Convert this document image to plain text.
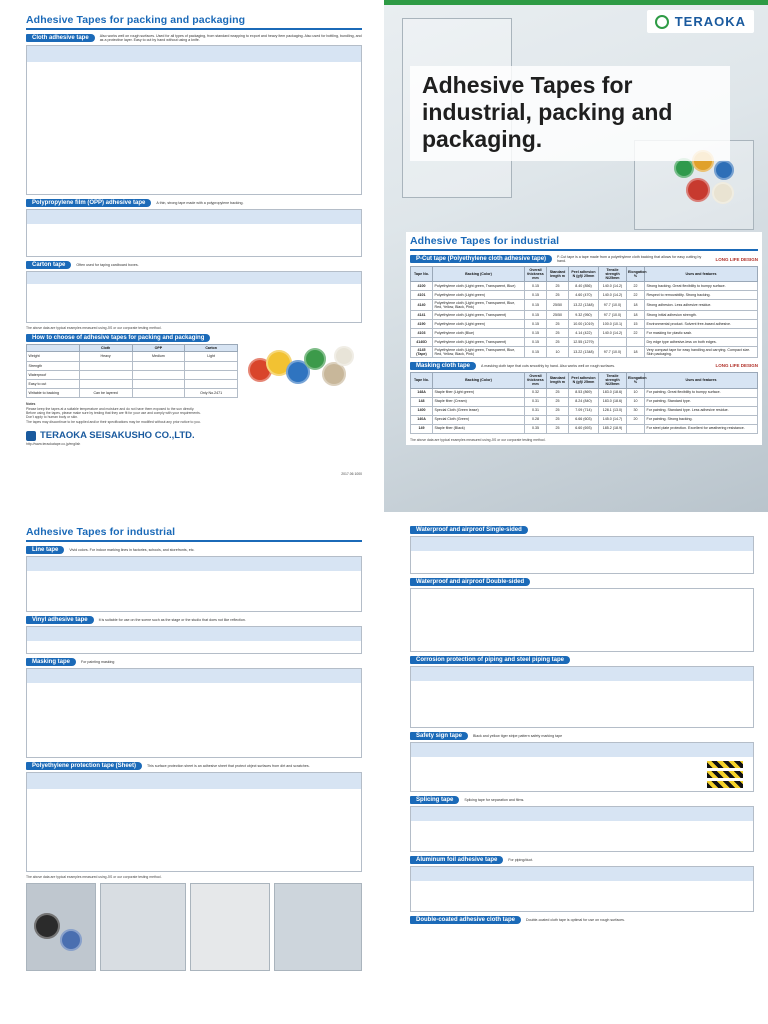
Adhesive Tapes for packing and packaging
Cloth adhesive tape	Also works well on rough surfaces. Used for all types of packaging, from standard wrapping to export and heavy item packaging. Also used for bottling, bundling, and as a protective layer. Easy to cut by hand without using a knife.
Polypropylene film (OPP) adhesive tape	A thin, strong tape made with a polypropylene backing.
Carton tape	Often used for taping cardboard boxes.
The above data are typical examples measured using JIS or our corporate testing method.
How to choose of adhesive tapes for packing and packaging
	Cloth	OPP	Carton
Weight	Heavy	Medium	Light
Strength			
Waterproof			
Easy to cut			
Writable to backing	Can be layered		Only No.2471
Notes
Please keep the tapes at a suitable temperature and moisture and do not have them exposed to the sun directly.
Before using the tapes, please make sure by testing that they are fit for your use and comply with your requirements.
Don't apply to human body or skin.
The tapes may discontinue to be supplied and/or their specifications may be modified without any prior notice to you.
TERAOKA SEISAKUSHO CO.,LTD.
http://www.teraokatape.co.jp/english
2017.06 1000
TERAOKA
Adhesive Tapes for industrial, packing and packaging.
Adhesive Tapes for industrial
P-Cut tape (Polyethylene cloth adhesive tape)	P-Cut tape is a tape made from a polyethylene cloth backing that allows for easy cutting by hand.	LONG LIFE DESIGN
Tape No.	Backing (Color)	Overall thickness mm	Standard length m	Peel adhesion N (gf)/ 25mm	Tensile strength N/25mm	Elongation %	Uses and features
4100	Polyethylene cloth (Light green, Transparent, Blue)	0.15	25	8.40 (856)	140.0 (14.2)	22	Strong backing. Great flexibility to bumpy surface.
4101	Polyethylene cloth (Light green)	0.15	25	4.60 (470)	140.0 (14.2)	22	Respect to removability. Strong backing.
4140	Polyethylene cloth (Light green, Transparent, Blue, Red, Yellow, Black, Pink)	0.15	25/50	13.22 (1348)	97.7 (10.0)	18	Strong adhesion. Less adhesive residue.
4141	Polyethylene cloth (Light green, Transparent)	0.15	25/50	9.32 (950)	97.7 (10.0)	18	Strong initial adhesion strength.
4190	Polyethylene cloth (Light green)	0.15	25	10.00 (1019)	100.0 (10.1)	15	Environmental product. Solvent free-based adhesive.
4103	Polyethylene cloth (Blue)	0.15	25	4.14 (422)	140.0 (14.2)	22	For masking for plastic sash.
4140D	Polyethylene cloth (Light green, Transparent)	0.15	25	12.55 (1279)			Dry edge type adhesive-less on both edges.
4145 (Tape)	Polyethylene cloth (Light green, Transparent, Blue, Red, Yellow, Black, Pink)	0.15	10	13.22 (1348)	97.7 (10.0)	18	Very compact tape for easy handling and carrying. Compact size. Skin packaging.
Masking cloth tape	A masking cloth tape that cuts smoothly by hand. Also works well on rough surfaces.	LONG LIFE DESIGN
Tape No.	Backing (Color)	Overall thickness mm	Standard length m	Peel adhesion N (gf)/ 25mm	Tensile strength N/25mm	Elongation %	Uses and features
148A	Staple fiber (Light green)	0.32	25	8.53 (869)	183.0 (18.6)	10	For painting. Great flexibility to bumpy surface.
148	Staple fiber (Cream)	0.31	25	8.24 (840)	183.0 (18.6)	10	For painting. Standard type.
1400	Special Cloth (Green lease)	0.31	25	7.09 (714)	128.1 (13.0)	30	For painting. Standard type. Less adhesive residue.
140A	Special Cloth (Green)	0.28	25	6.66 (603)	145.0 (14.7)	20	For painting. Strong backing.
149	Staple fiber (Black)	0.35	25	6.60 (693)	185.2 (18.9)		For steel plate protection. Excellent for weathering resistance.
The above data are typical examples measured using JIS or our corporate testing method.
Adhesive Tapes for industrial
Line tape	Vivid colors. For indoor marking lines in factories, schools, and storefronts, etc.
Vinyl adhesive tape	It is suitable for use on the scene such as the stage or the studio that does not like reflection.
Masking tape	For painting masking
Polyethylene protection tape (Sheet)	This surface protection sheet is an adhesive sheet that protect object surfaces from dirt and scratches.
The above data are typical examples measured using JIS or our corporate testing method.
Waterproof and airproof Single-sided
Waterproof and airproof Double-sided
Corrosion protection of piping and steel piping tape
Safety sign tape	Black and yellow tiger stripe pattern safety marking tape
Splicing tape	Splicing tape for separation and films.
Aluminum foil adhesive tape	For piping/duct.
Double-coated adhesive cloth tape	Double-coated cloth tape is optimal for use on rough surfaces.
